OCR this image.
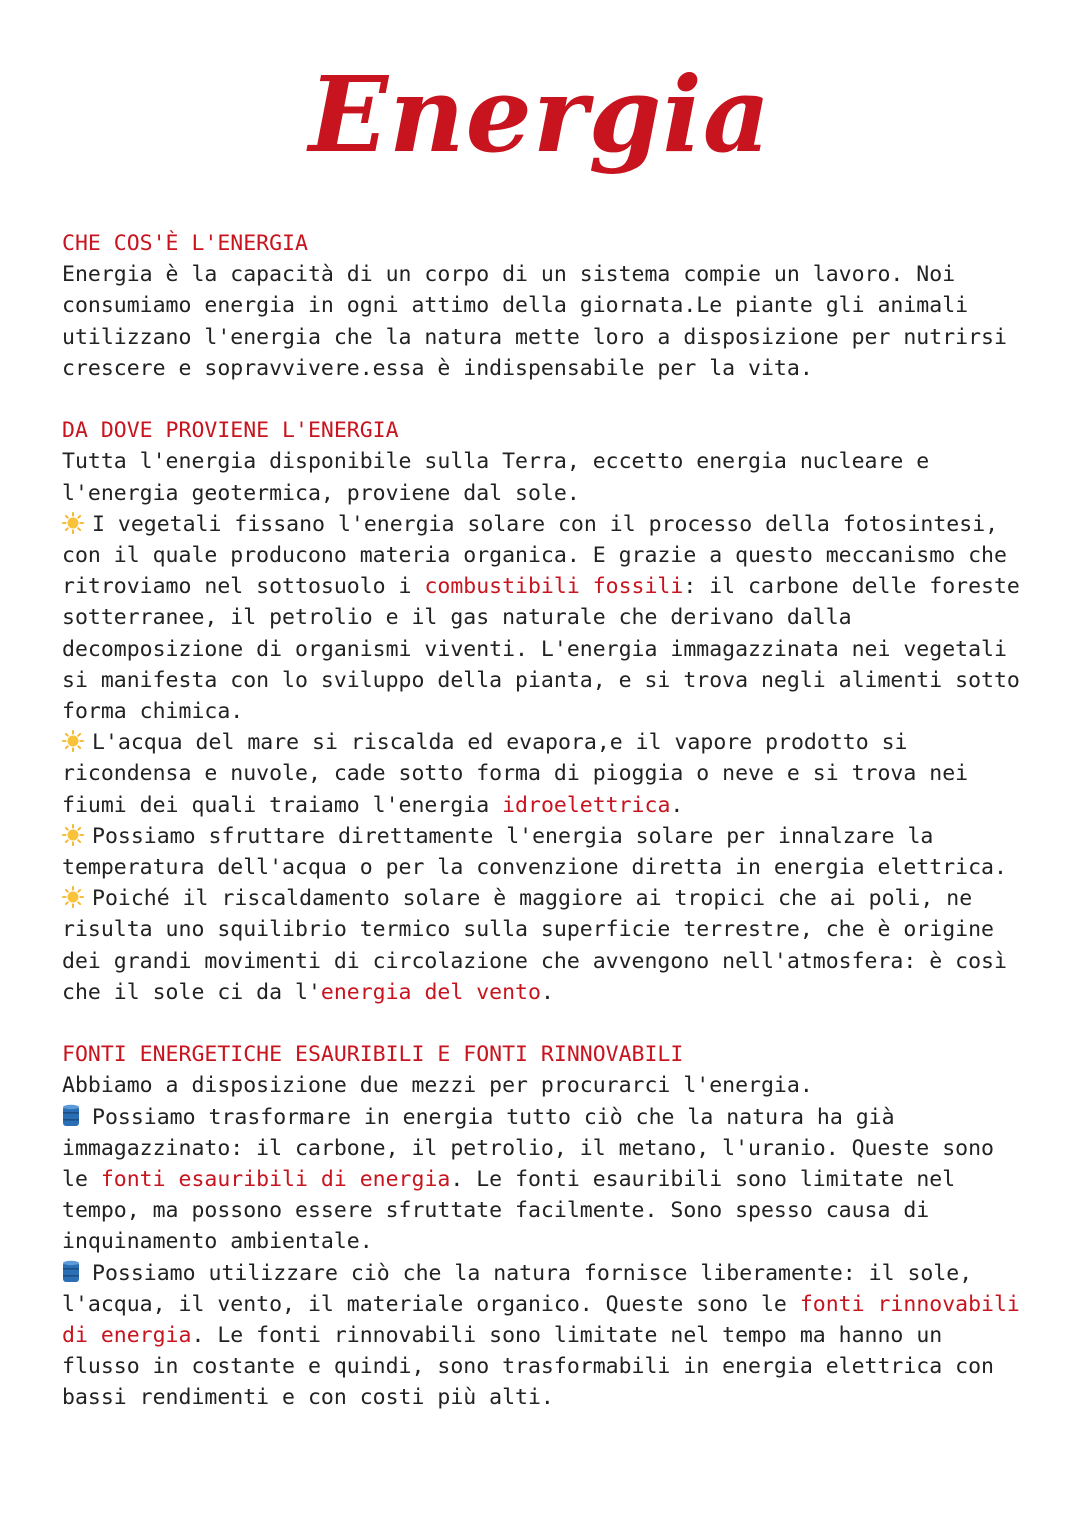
Energia
CHE COS'È L'ENERGIA
Energia è la capacità di un corpo di un sistema compie un lavoro. Noi consumiamo energia in ogni attimo della giornata.Le piante gli animali utilizzano l'energia che la natura mette loro a disposizione per nutrirsi crescere e sopravvivere.essa è indispensabile per la vita.
DA DOVE PROVIENE L'ENERGIA
Tutta l'energia disponibile sulla Terra, eccetto energia nucleare e l'energia geotermica, proviene dal sole.
I vegetali fissano l'energia solare con il processo della fotosintesi, con il quale producono materia organica. E grazie a questo meccanismo che ritroviamo nel sottosuolo i combustibili fossili: il carbone delle foreste sotterranee, il petrolio e il gas naturale che derivano dalla decomposizione di organismi viventi. L'energia immagazzinata nei vegetali si manifesta con lo sviluppo della pianta, e si trova negli alimenti sotto forma chimica.
L'acqua del mare si riscalda ed evapora,e il vapore prodotto si ricondensa e nuvole, cade sotto forma di pioggia o neve e si trova nei fiumi dei quali traiamo l'energia idroelettrica.
Possiamo sfruttare direttamente l'energia solare per innalzare la temperatura dell'acqua o per la convenzione diretta in energia elettrica.
Poiché il riscaldamento solare è maggiore ai tropici che ai poli, ne risulta uno squilibrio termico sulla superficie terrestre, che è origine dei grandi movimenti di circolazione che avvengono nell'atmosfera: è così che il sole ci da l'energia del vento.
FONTI ENERGETICHE ESAURIBILI E FONTI RINNOVABILI
Abbiamo a disposizione due mezzi per procurarci l'energia.
Possiamo trasformare in energia tutto ciò che la natura ha già immagazzinato: il carbone, il petrolio, il metano, l'uranio. Queste sono le fonti esauribili di energia. Le fonti esauribili sono limitate nel tempo, ma possono essere sfruttate facilmente. Sono spesso causa di inquinamento ambientale.
Possiamo utilizzare ciò che la natura fornisce liberamente: il sole, l'acqua, il vento, il materiale organico. Queste sono le fonti rinnovabili di energia. Le fonti rinnovabili sono limitate nel tempo ma hanno un flusso in costante e quindi, sono trasformabili in energia elettrica con bassi rendimenti e con costi più alti.
